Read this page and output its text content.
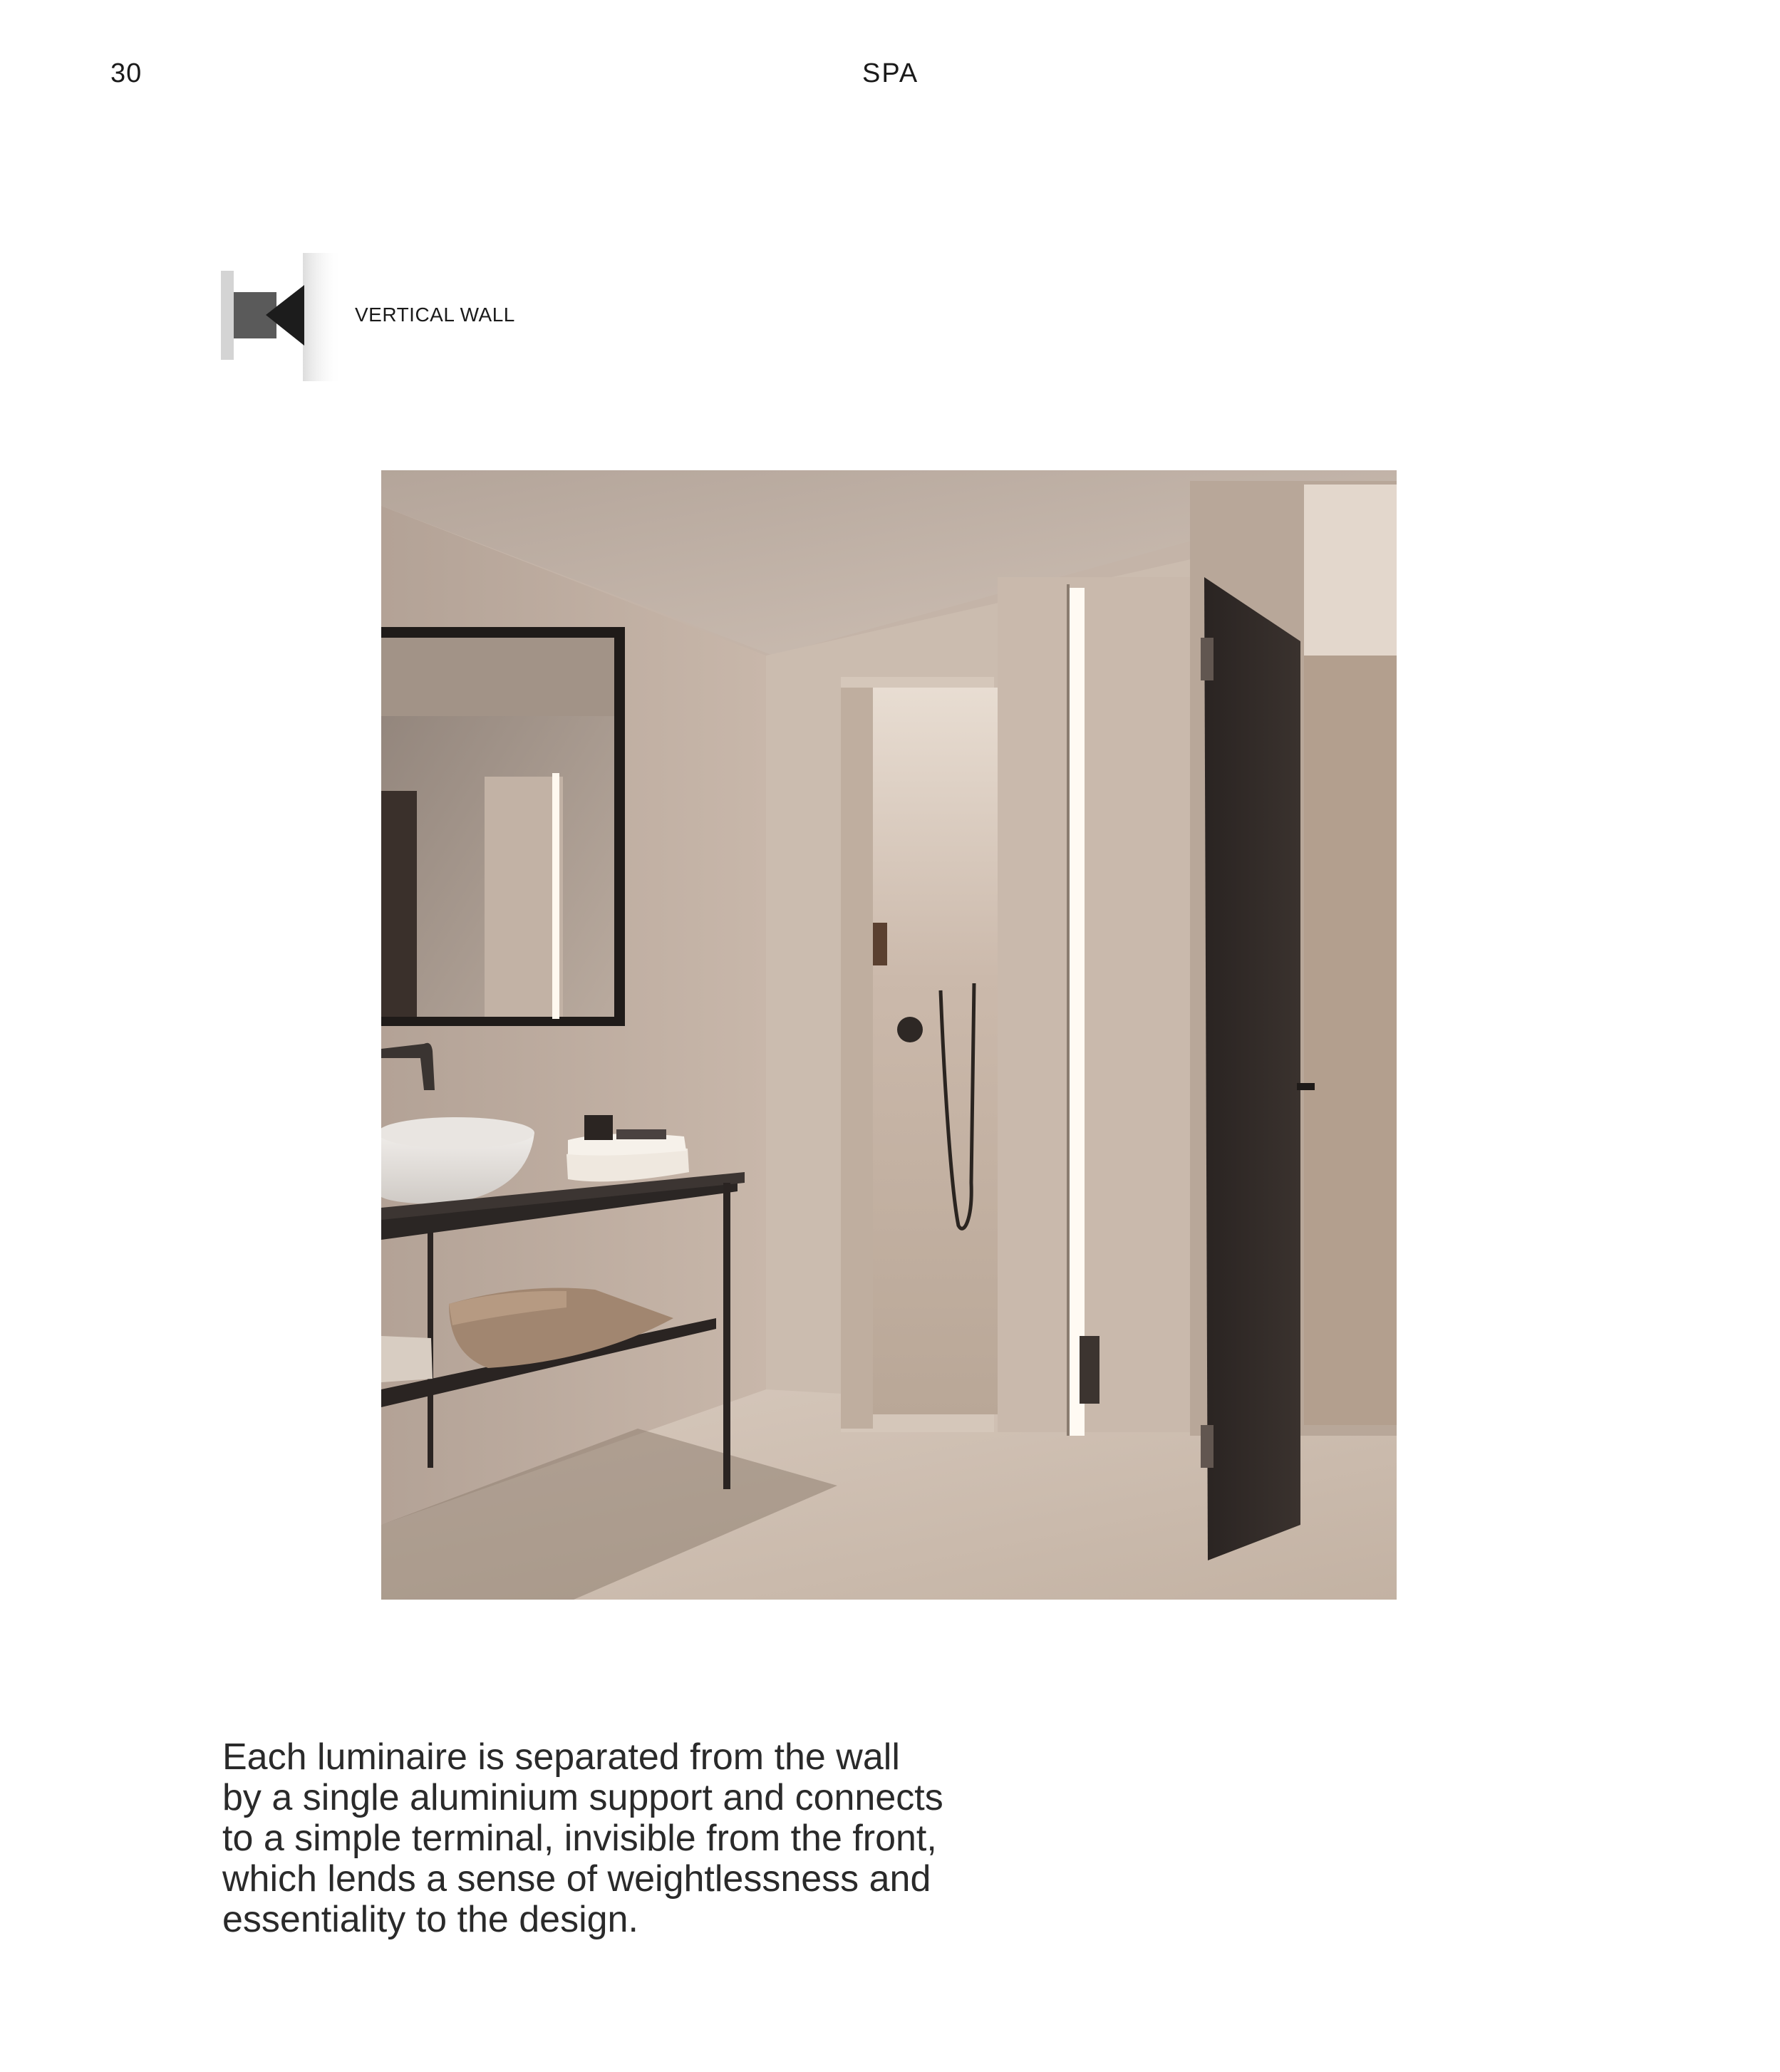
30	SPA
VERTICAL WALL

Each luminaire is separated from the wall
by a single aluminium support and connects
to a simple terminal, invisible from the front,
which lends a sense of weightlessness and
essentiality to the design.
